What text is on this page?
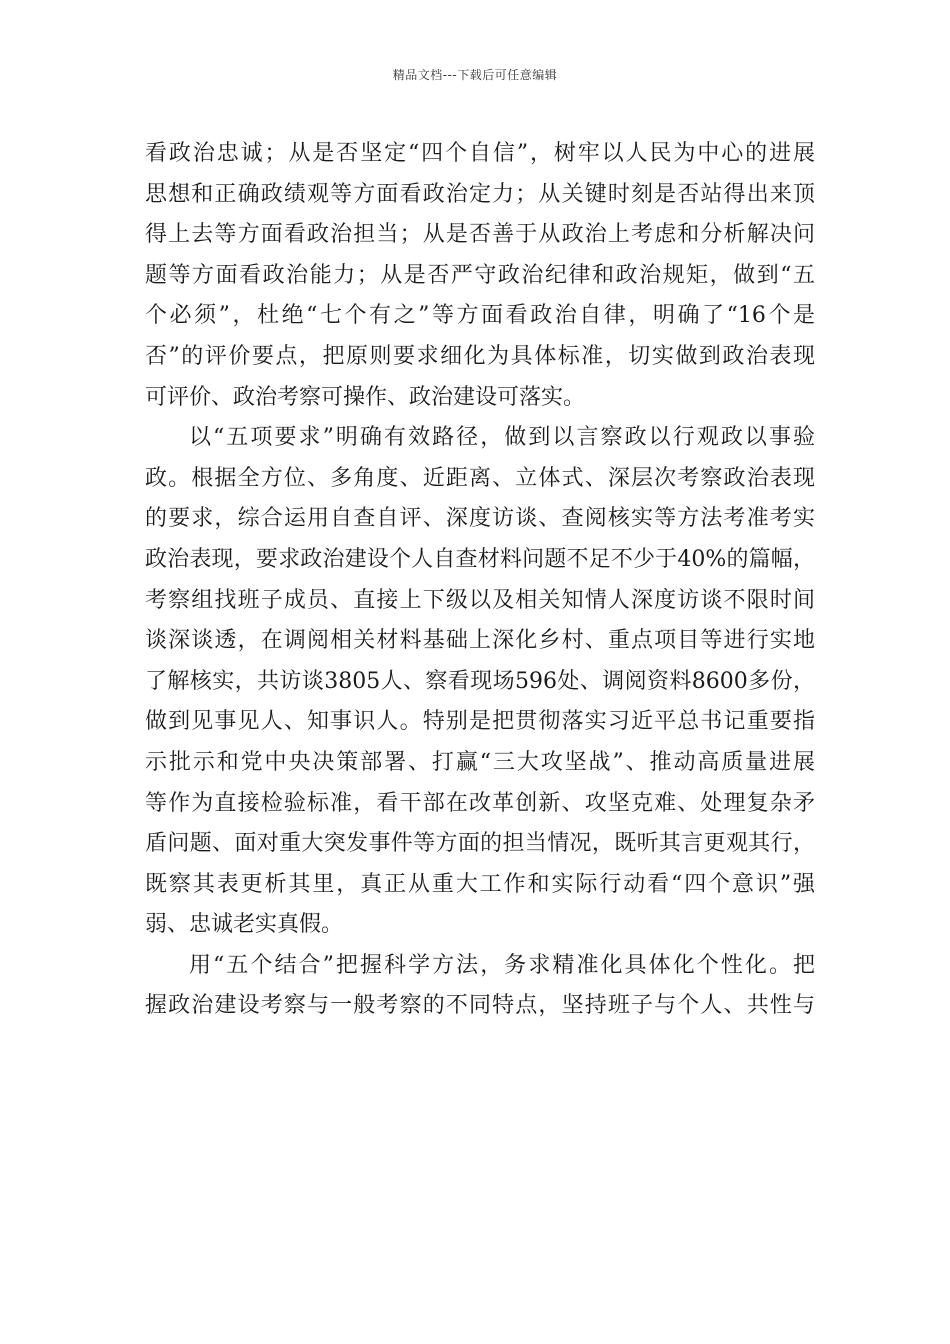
精品文档---下载后可任意编辑
看政治忠诚；从是否坚定“四个自信”，树牢以人民为中心的进展
思想和正确政绩观等方面看政治定力；从关键时刻是否站得出来顶
得上去等方面看政治担当；从是否善于从政治上考虑和分析解决问
题等方面看政治能力；从是否严守政治纪律和政治规矩，做到“五
个必须”，杜绝“七个有之”等方面看政治自律，明确了“16个是
否”的评价要点，把原则要求细化为具体标准，切实做到政治表现
可评价、政治考察可操作、政治建设可落实。
以“五项要求”明确有效路径，做到以言察政以行观政以事验
政。根据全方位、多角度、近距离、立体式、深层次考察政治表现
的要求，综合运用自查自评、深度访谈、查阅核实等方法考准考实
政治表现，要求政治建设个人自查材料问题不足不少于40%的篇幅，
考察组找班子成员、直接上下级以及相关知情人深度访谈不限时间
谈深谈透，在调阅相关材料基础上深化乡村、重点项目等进行实地
了解核实，共访谈3805人、察看现场596处、调阅资料8600多份，
做到见事见人、知事识人。特别是把贯彻落实习近平总书记重要指
示批示和党中央决策部署、打赢“三大攻坚战”、推动高质量进展
等作为直接检验标准，看干部在改革创新、攻坚克难、处理复杂矛
盾问题、面对重大突发事件等方面的担当情况，既听其言更观其行，
既察其表更析其里，真正从重大工作和实际行动看“四个意识”强
弱、忠诚老实真假。
用“五个结合”把握科学方法，务求精准化具体化个性化。把
握政治建设考察与一般考察的不同特点，坚持班子与个人、共性与
